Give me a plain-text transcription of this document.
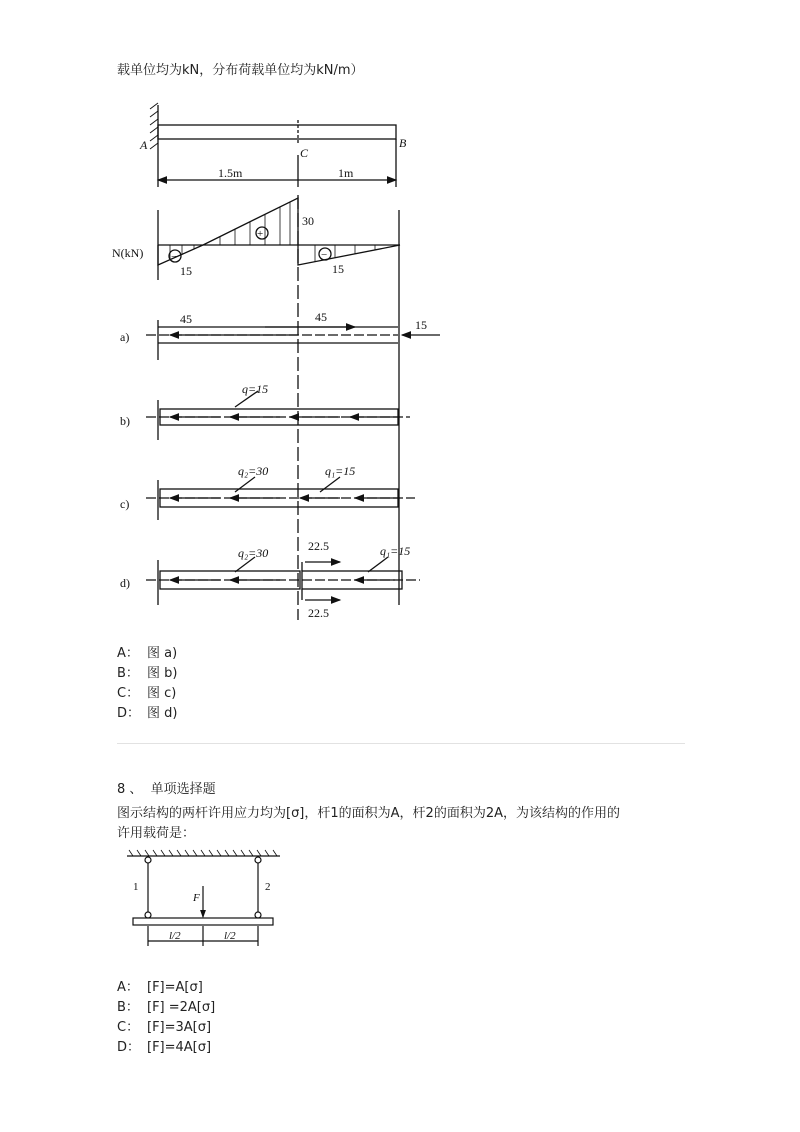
载单位均为kN，分布荷载单位均为kN/m）
A
C
B
1.5m	1m
N(kN)
30
15	15
+
−
−
a)
45	45
15
b)
q=15
c)
q₂=30	q₁=15
d)
q₂=30	q₁=15
22.5
22.5
A： 图 a)
B： 图 b)
C： 图 c)
D： 图 d)
8 、 单项选择题
图示结构的两杆许用应力均为[σ]，杆1的面积为A，杆2的面积为2A，为该结构的作用的
许用载荷是：
1	2
F
l/2	l/2
A： [F]=A[σ]
B： [F] =2A[σ]
C： [F]=3A[σ]
D： [F]=4A[σ]
